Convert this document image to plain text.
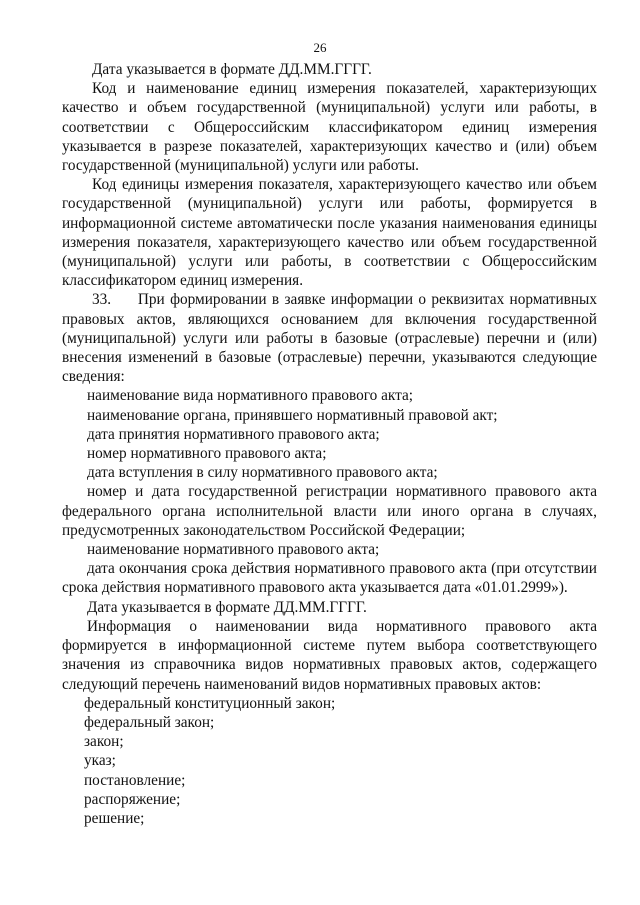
26

Дата указывается в формате ДД.ММ.ГГГГ.

Код и наименование единиц измерения показателей, характеризующих качество и объем государственной (муниципальной) услуги или работы, в соответствии с Общероссийским классификатором единиц измерения указывается в разрезе показателей, характеризующих качество и (или) объем государственной (муниципальной) услуги или работы.

Код единицы измерения показателя, характеризующего качество или объем государственной (муниципальной) услуги или работы, формируется в информационной системе автоматически после указания наименования единицы измерения показателя, характеризующего качество или объем государственной (муниципальной) услуги или работы, в соответствии с Общероссийским классификатором единиц измерения.

33.     При формировании в заявке информации о реквизитах нормативных правовых актов, являющихся основанием для включения государственной (муниципальной) услуги или работы в базовые (отраслевые) перечни и (или) внесения изменений в базовые (отраслевые) перечни, указываются следующие сведения:

наименование вида нормативного правового акта;

наименование органа, принявшего нормативный правовой акт;

дата принятия нормативного правового акта;

номер нормативного правового акта;

дата вступления в силу нормативного правового акта;

номер и дата государственной регистрации нормативного правового акта федерального органа исполнительной власти или иного органа в случаях, предусмотренных законодательством Российской Федерации;

наименование нормативного правового акта;

дата окончания срока действия нормативного правового акта (при отсутствии срока действия нормативного правового акта указывается дата «01.01.2999»).

Дата указывается в формате ДД.ММ.ГГГГ.

Информация о наименовании вида нормативного правового акта формируется в информационной системе путем выбора соответствующего значения из справочника видов нормативных правовых актов, содержащего следующий перечень наименований видов нормативных правовых актов:

федеральный конституционный закон;

федеральный закон;

закон;

указ;

постановление;

распоряжение;

решение;
